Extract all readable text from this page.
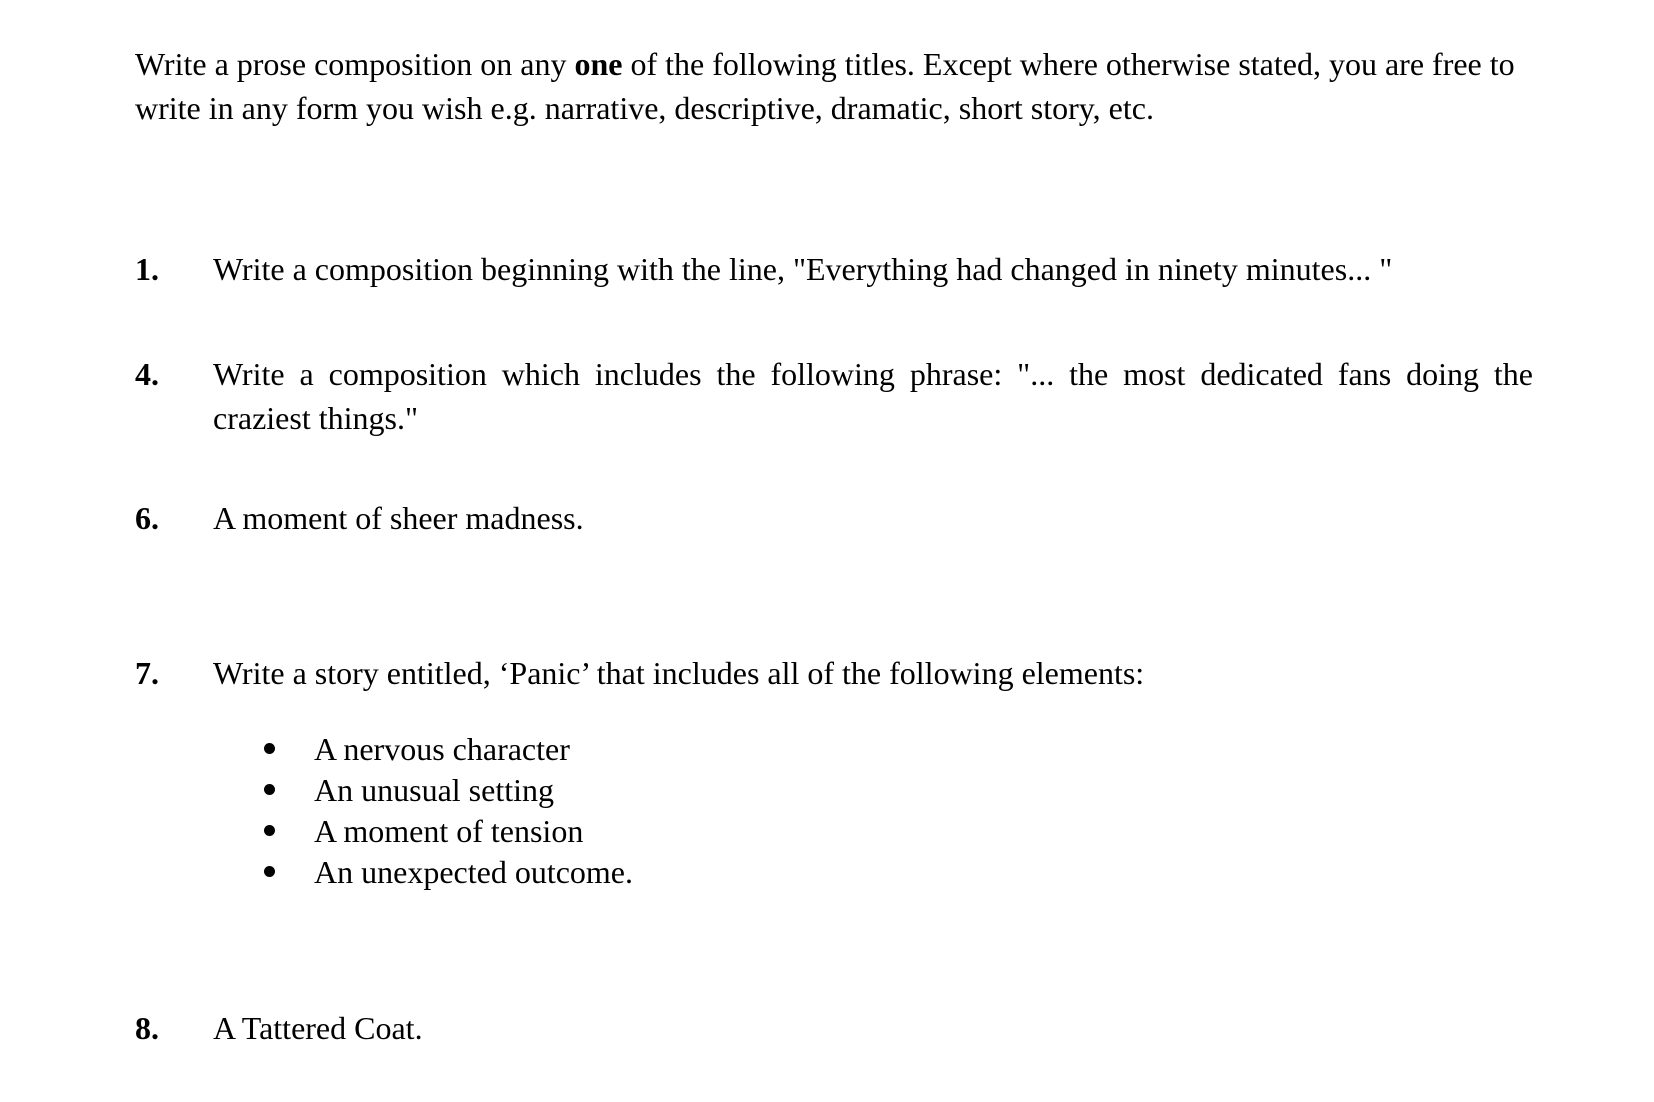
Write a prose composition on any one of the following titles. Except where otherwise stated, you are free to write in any form you wish e.g. narrative, descriptive, dramatic, short story, etc.

1.	Write a composition beginning with the line, "Everything had changed in ninety minutes... "
4.	Write a composition which includes the following phrase: "... the most dedicated fans doing the craziest things."
6.	A moment of sheer madness.
7.	Write a story entitled, ‘Panic’ that includes all of the following elements:
A nervous character
An unusual setting
A moment of tension
An unexpected outcome.
8.	A Tattered Coat.
